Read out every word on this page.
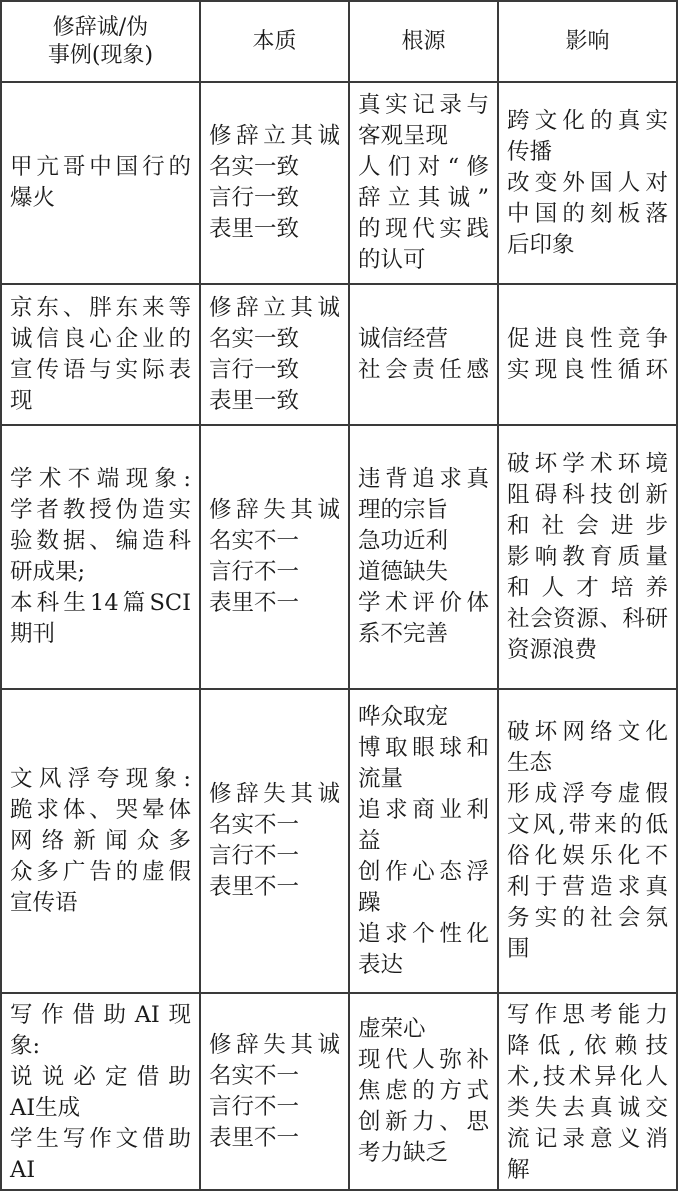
修辞诚/伪
事例(现象)
本质	根源	影响
甲亢哥中国行的
爆火
修辞立其诚
名实一致
言行一致
表里一致
真实记录与
客观呈现
人们对“修
辞立其诚”
的现代实践
的认可
跨文化的真实
传播
改变外国人对
中国的刻板落
后印象
京东、胖东来等
诚信良心企业的
宣传语与实际表
现
修辞立其诚
名实一致
言行一致
表里一致
诚信经营
社会责任感
促进良性竞争
实现良性循环
学术不端现象:
学者教授伪造实
验数据、编造科
研成果;
本科生14篇SCI
期刊
修辞失其诚
名实不一
言行不一
表里不一
违背追求真
理的宗旨
急功近利
道德缺失
学术评价体
系不完善
破坏学术环境
阻碍科技创新
和社会进步
影响教育质量
和人才培养
社会资源、科研
资源浪费
文风浮夸现象:
跪求体、哭晕体
网络新闻众多
众多广告的虚假
宣传语
修辞失其诚
名实不一
言行不一
表里不一
哗众取宠
博取眼球和
流量
追求商业利
益
创作心态浮
躁
追求个性化
表达
破坏网络文化
生态
形成浮夸虚假
文风,带来的低
俗化娱乐化不
利于营造求真
务实的社会氛
围
写作借助AI现
象:
说说必定借助
AI生成
学生写作文借助
AI
修辞失其诚
名实不一
言行不一
表里不一
虚荣心
现代人弥补
焦虑的方式
创新力、思
考力缺乏
写作思考能力
降低,依赖技
术,技术异化人
类失去真诚交
流记录意义消
解
